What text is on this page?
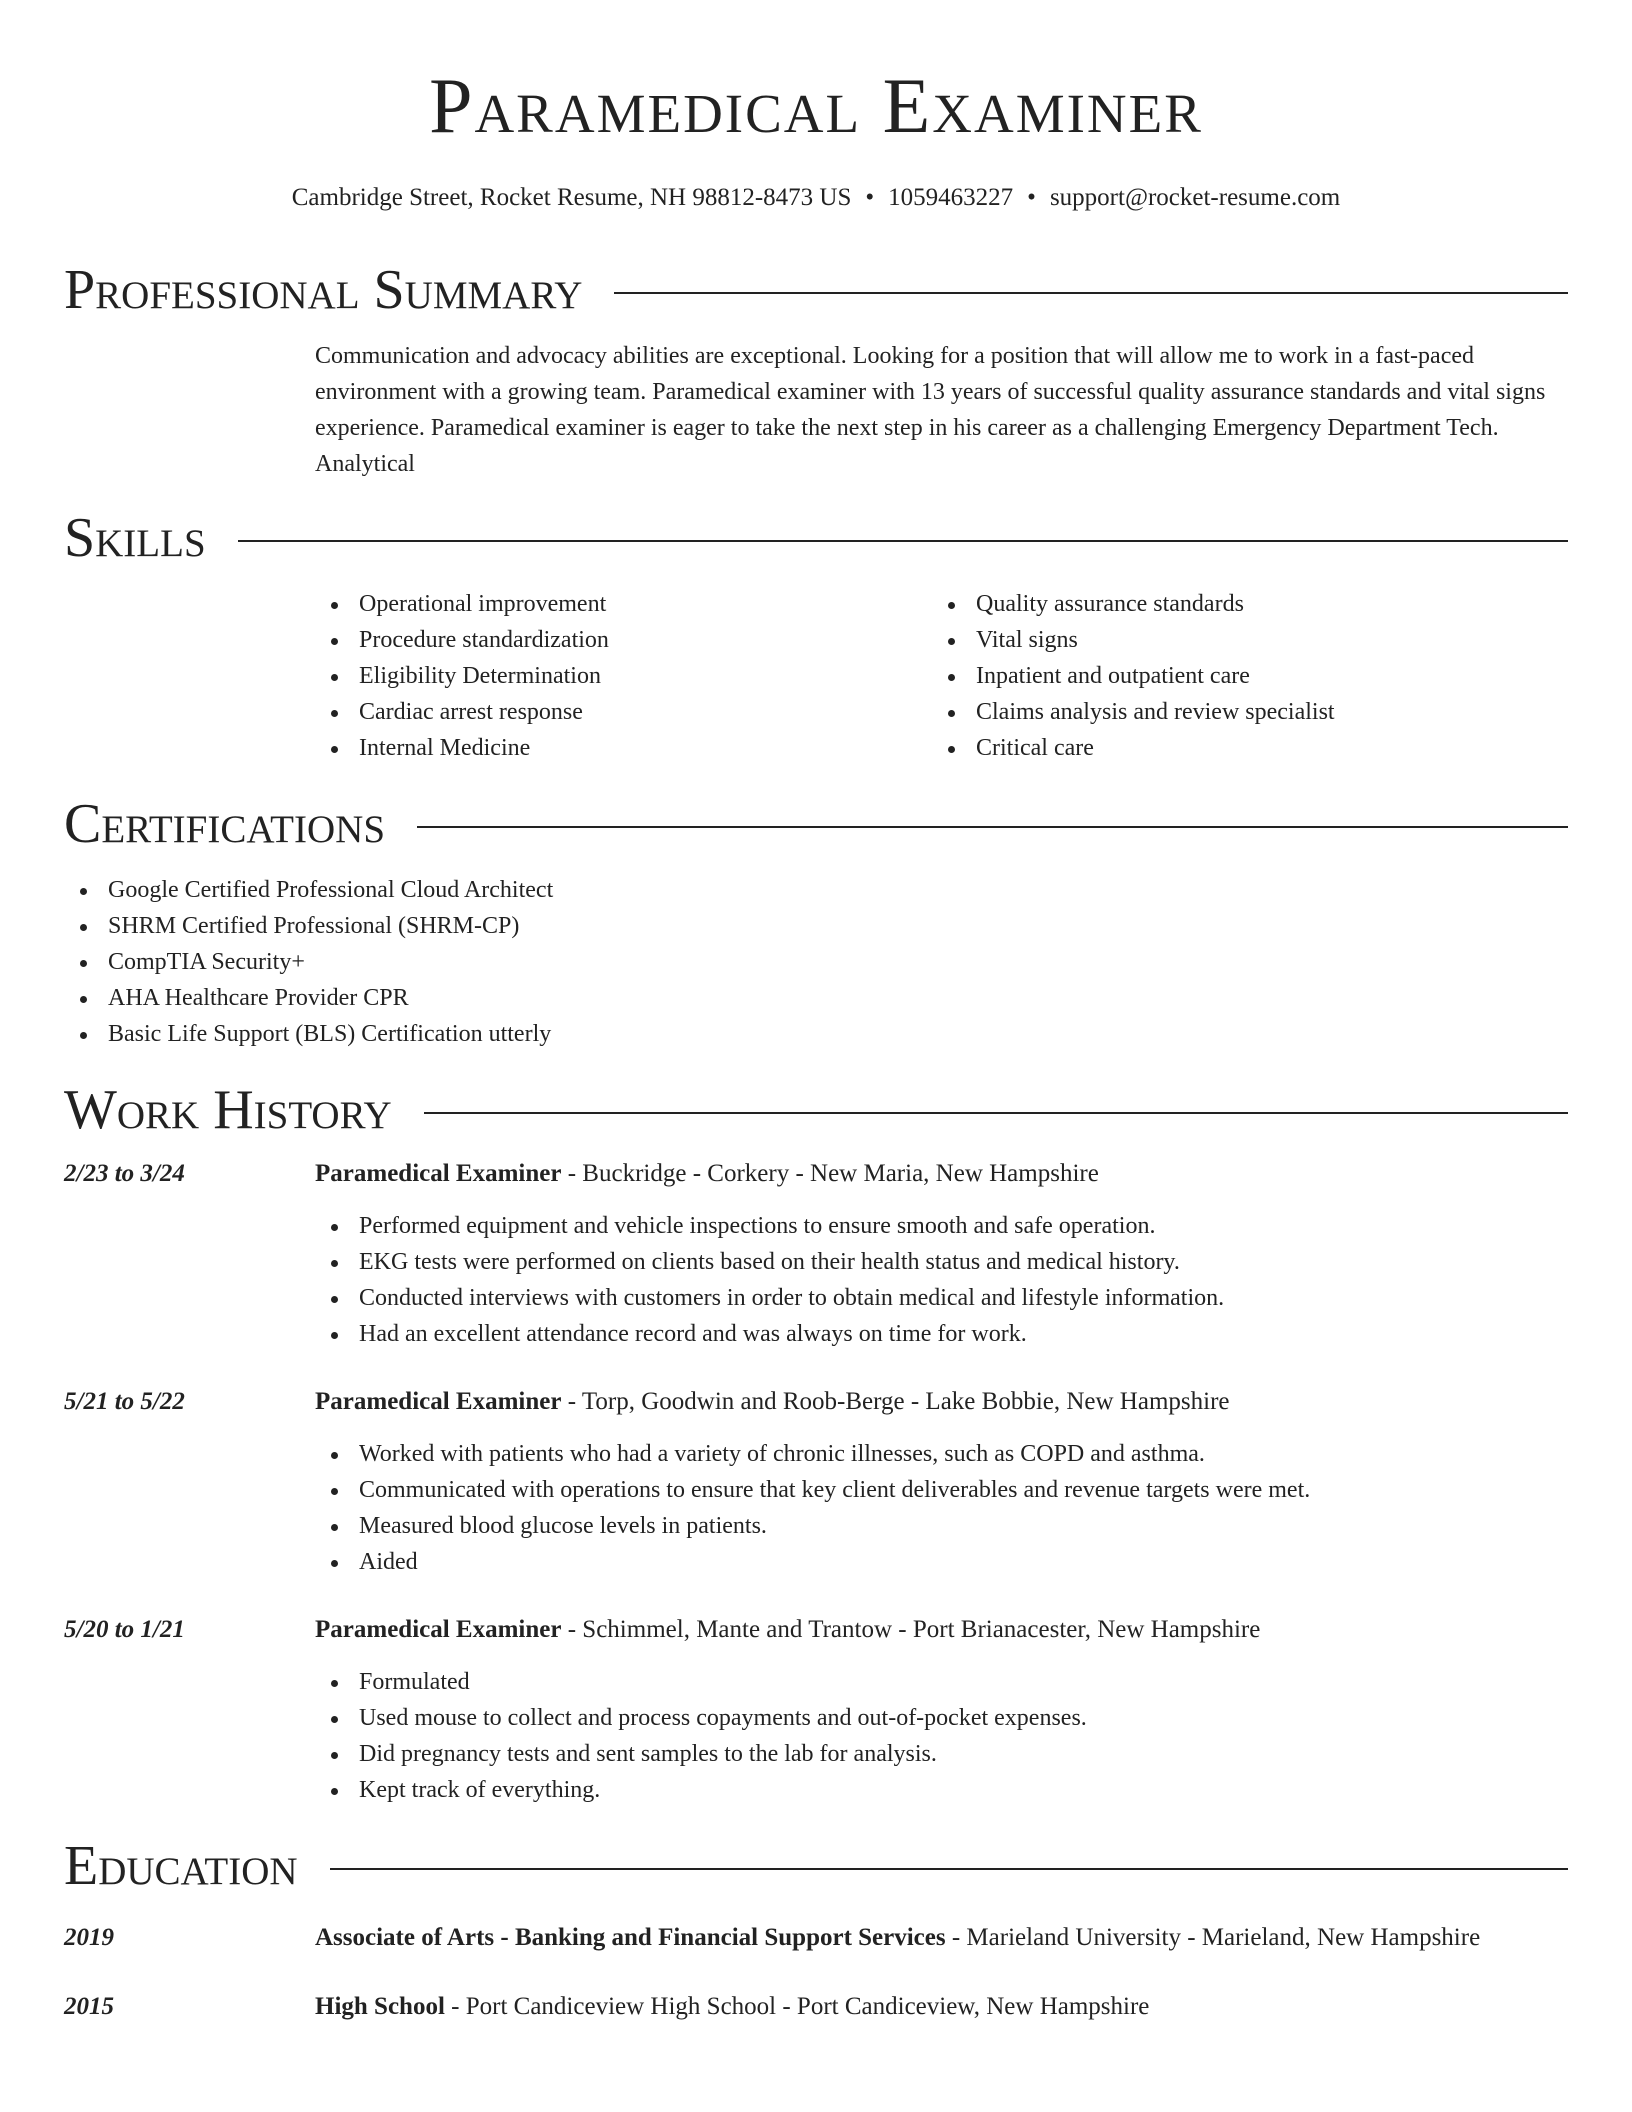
Paramedical Examiner
Cambridge Street, Rocket Resume, NH 98812-8473 US • 1059463227 • support@rocket-resume.com
Professional Summary
Communication and advocacy abilities are exceptional. Looking for a position that will allow me to work in a fast-paced environment with a growing team. Paramedical examiner with 13 years of successful quality assurance standards and vital signs experience. Paramedical examiner is eager to take the next step in his career as a challenging Emergency Department Tech. Analytical
Skills
Operational improvement
Procedure standardization
Eligibility Determination
Cardiac arrest response
Internal Medicine
Quality assurance standards
Vital signs
Inpatient and outpatient care
Claims analysis and review specialist
Critical care
Certifications
Google Certified Professional Cloud Architect
SHRM Certified Professional (SHRM-CP)
CompTIA Security+
AHA Healthcare Provider CPR
Basic Life Support (BLS) Certification utterly
Work History
2/23 to 3/24	Paramedical Examiner - Buckridge - Corkery - New Maria, New Hampshire
Performed equipment and vehicle inspections to ensure smooth and safe operation.
EKG tests were performed on clients based on their health status and medical history.
Conducted interviews with customers in order to obtain medical and lifestyle information.
Had an excellent attendance record and was always on time for work.
5/21 to 5/22	Paramedical Examiner - Torp, Goodwin and Roob-Berge - Lake Bobbie, New Hampshire
Worked with patients who had a variety of chronic illnesses, such as COPD and asthma.
Communicated with operations to ensure that key client deliverables and revenue targets were met.
Measured blood glucose levels in patients.
Aided
5/20 to 1/21	Paramedical Examiner - Schimmel, Mante and Trantow - Port Brianacester, New Hampshire
Formulated
Used mouse to collect and process copayments and out-of-pocket expenses.
Did pregnancy tests and sent samples to the lab for analysis.
Kept track of everything.
Education
2019	Associate of Arts - Banking and Financial Support Services - Marieland University - Marieland, New Hampshire
2015	High School - Port Candiceview High School - Port Candiceview, New Hampshire
